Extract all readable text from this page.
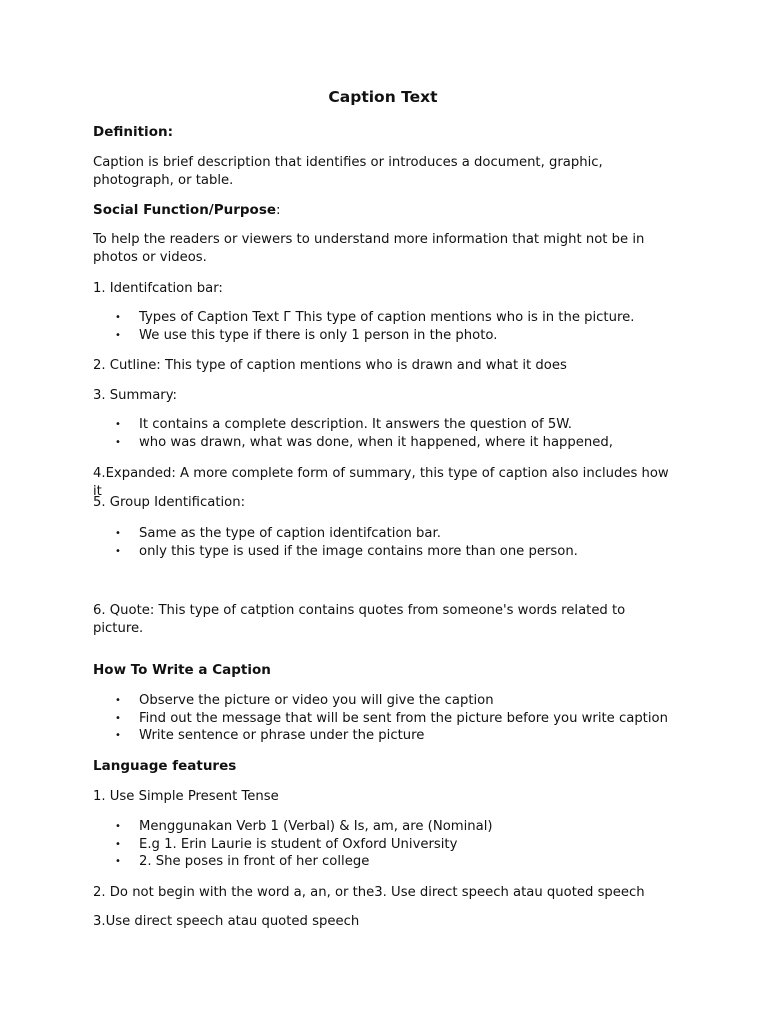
Caption Text
Definition:

Caption is brief description that identifies or introduces a document, graphic, photograph, or table.

Social Function/Purpose:

To help the readers or viewers to understand more information that might not be in photos or videos.

1. Identifcation bar:

• Types of Caption Text Г This type of caption mentions who is in the picture.
• We use this type if there is only 1 person in the photo.

2. Cutline: This type of caption mentions who is drawn and what it does

3. Summary:

• It contains a complete description. It answers the question of 5W.
• who was drawn, what was done, when it happened, where it happened,

4.Expanded: A more complete form of summary, this type of caption also includes how it

5. Group Identification:

• Same as the type of caption identifcation bar.
• only this type is used if the image contains more than one person.

6. Quote: This type of catption contains quotes from someone's words related to picture.

How To Write a Caption
• Observe the picture or video you will give the caption
• Find out the message that will be sent from the picture before you write caption
• Write sentence or phrase under the picture
Language features

1. Use Simple Present Tense

• Menggunakan Verb 1 (Verbal) & Is, am, are (Nominal)
• E.g 1. Erin Laurie is student of Oxford University
• 2. She poses in front of her college

2. Do not begin with the word a, an, or the3. Use direct speech atau quoted speech

3.Use direct speech atau quoted speech
